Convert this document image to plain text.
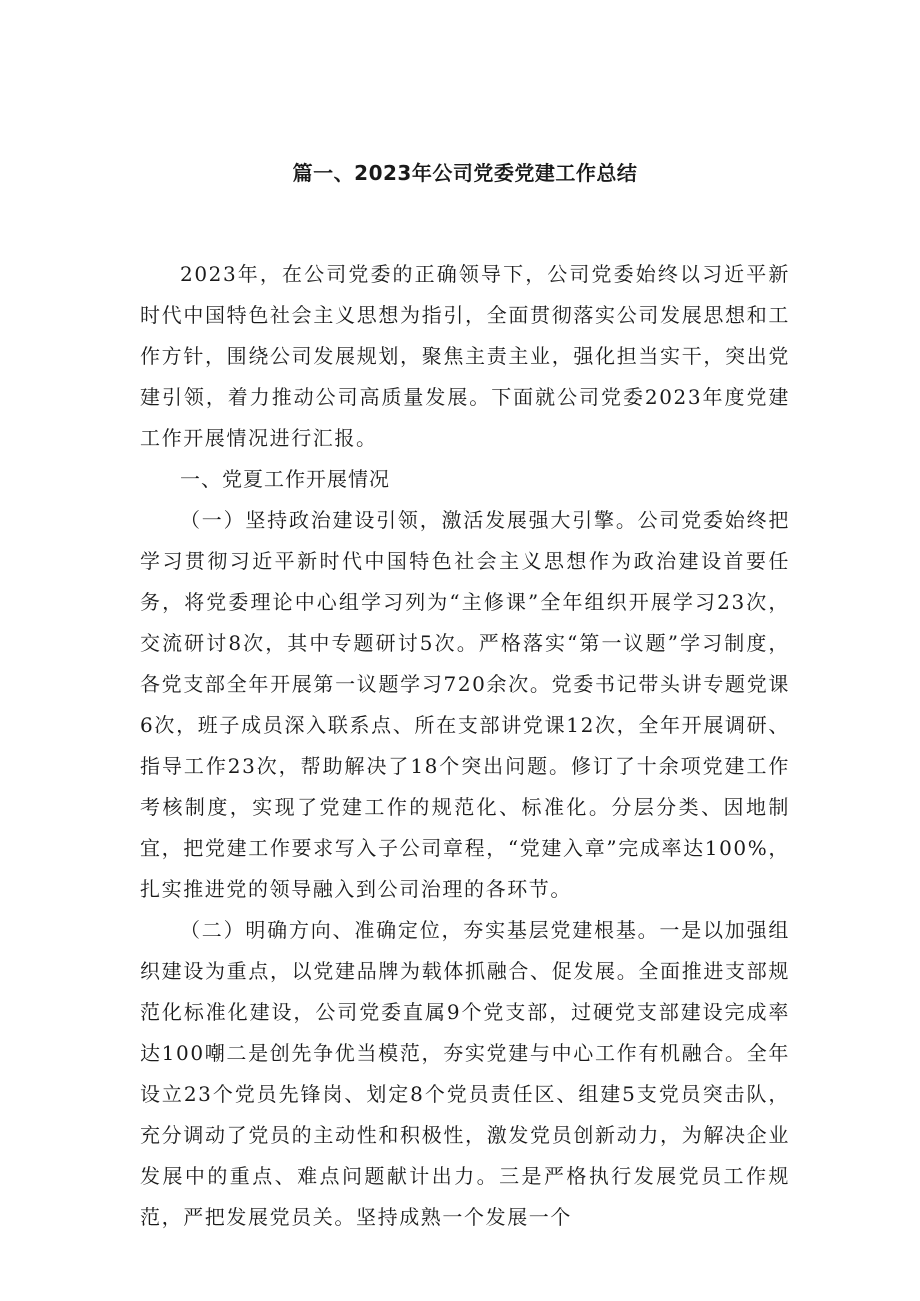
篇一、2023年公司党委党建工作总结

2023年，在公司党委的正确领导下，公司党委始终以习近平新时代中国特色社会主义思想为指引，全面贯彻落实公司发展思想和工作方针，围绕公司发展规划，聚焦主责主业，强化担当实干，突出党建引领，着力推动公司高质量发展。下面就公司党委2023年度党建工作开展情况进行汇报。

一、党夏工作开展情况

（一）坚持政治建设引领，激活发展强大引擎。公司党委始终把学习贯彻习近平新时代中国特色社会主义思想作为政治建设首要任务，将党委理论中心组学习列为“主修课”全年组织开展学习23次，交流研讨8次，其中专题研讨5次。严格落实“第一议题”学习制度，各党支部全年开展第一议题学习720余次。党委书记带头讲专题党课6次，班子成员深入联系点、所在支部讲党课12次，全年开展调研、指导工作23次，帮助解决了18个突出问题。修订了十余项党建工作考核制度，实现了党建工作的规范化、标准化。分层分类、因地制宜，把党建工作要求写入子公司章程，“党建入章”完成率达100%，扎实推进党的领导融入到公司治理的各环节。

（二）明确方向、准确定位，夯实基层党建根基。一是以加强组织建设为重点，以党建品牌为载体抓融合、促发展。全面推进支部规范化标准化建设，公司党委直属9个党支部，过硬党支部建设完成率达100嘲二是创先争优当模范，夯实党建与中心工作有机融合。全年设立23个党员先锋岗、划定8个党员责任区、组建5支党员突击队，充分调动了党员的主动性和积极性，激发党员创新动力，为解决企业发展中的重点、难点问题献计出力。三是严格执行发展党员工作规范，严把发展党员关。坚持成熟一个发展一个
